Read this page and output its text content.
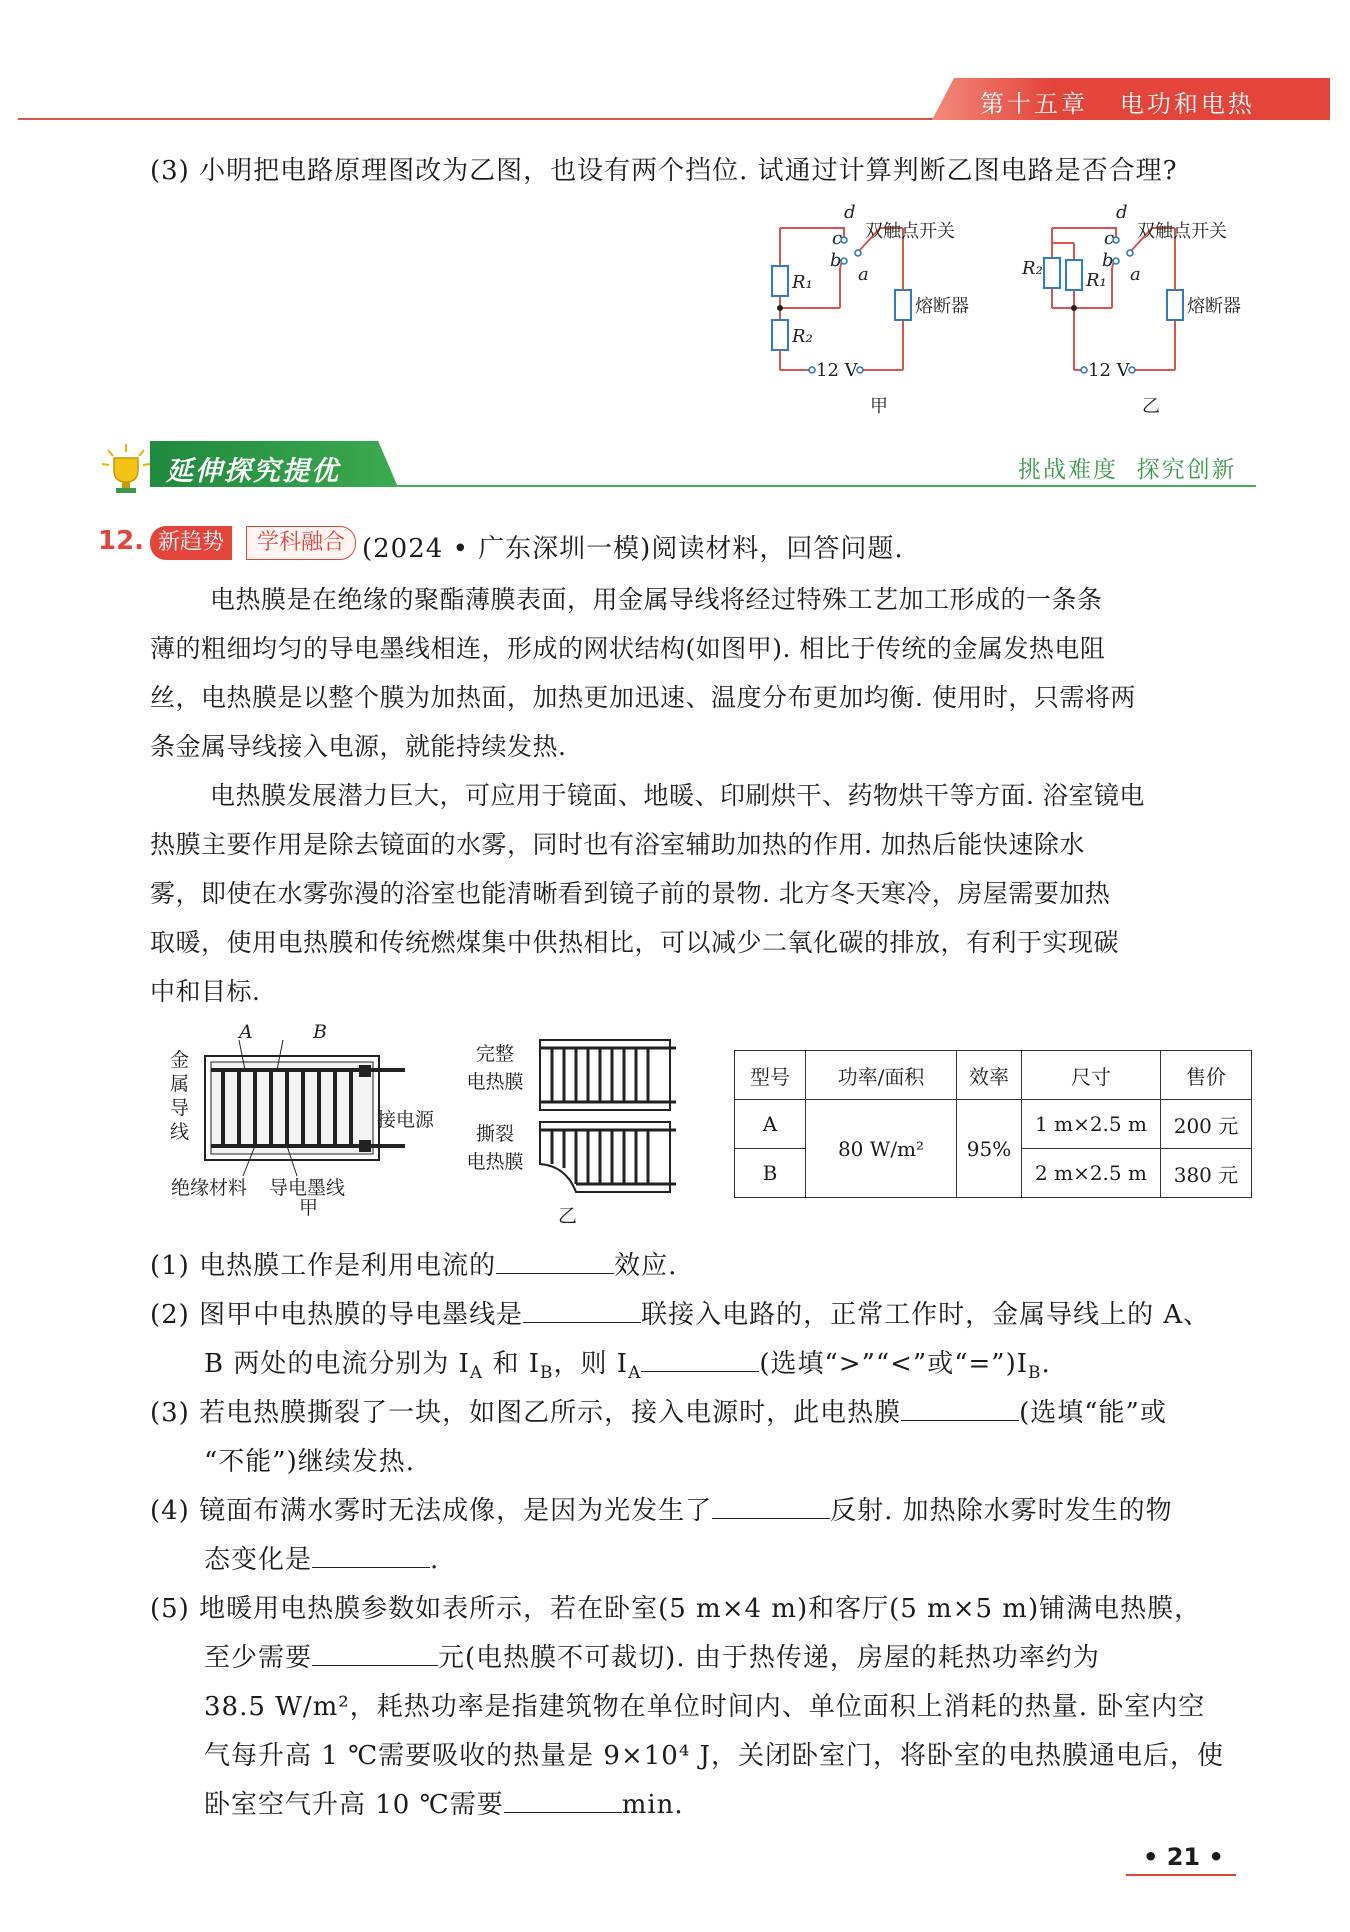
第十五章   电功和电热
(3) 小明把电路原理图改为乙图，也设有两个挡位. 试通过计算判断乙图电路是否合理?
d
c
b
a
双触点开关
熔断器
R₁
R₂
12 V
甲
d
c
b
a
双触点开关
熔断器
R₂
R₁
12 V
乙
延伸探究提优	挑战难度  探究创新
12. 新趋势	学科融合 (2024 • 广东深圳一模)阅读材料，回答问题.
电热膜是在绝缘的聚酯薄膜表面，用金属导线将经过特殊工艺加工形成的一条条
薄的粗细均匀的导电墨线相连，形成的网状结构(如图甲). 相比于传统的金属发热电阻
丝，电热膜是以整个膜为加热面，加热更加迅速、温度分布更加均衡. 使用时，只需将两
条金属导线接入电源，就能持续发热.
电热膜发展潜力巨大，可应用于镜面、地暖、印刷烘干、药物烘干等方面. 浴室镜电
热膜主要作用是除去镜面的水雾，同时也有浴室辅助加热的作用. 加热后能快速除水
雾，即使在水雾弥漫的浴室也能清晰看到镜子前的景物. 北方冬天寒冷，房屋需要加热
取暖，使用电热膜和传统燃煤集中供热相比，可以减少二氧化碳的排放，有利于实现碳
中和目标.
A	B
接电源
绝缘材料 导电墨线
甲
金属导线
完整
电热膜
撕裂
电热膜
乙
型号	功率/面积	效率	尺寸	售价
A	80 W/m²	95%	1 m×2.5 m	200 元
B			2 m×2.5 m	380 元
(1) 电热膜工作是利用电流的	效应.
(2) 图甲中电热膜的导电墨线是	联接入电路的，正常工作时，金属导线上的 A、
B 两处的电流分别为 $I_A$ 和 $I_B$，则 $I_A$	(选填“>”“<”或“$=”)I_B$.
(3) 若电热膜撕裂了一块，如图乙所示，接入电源时，此电热膜	(选填“能”或
“不能”)继续发热.
(4) 镜面布满水雾时无法成像，是因为光发生了	反射. 加热除水雾时发生的物
态变化是	.
(5) 地暖用电热膜参数如表所示，若在卧室(5 m×4 m)和客厅(5 m×5 m)铺满电热膜，
至少需要	元(电热膜不可裁切). 由于热传递，房屋的耗热功率约为
38.5 W/m²，耗热功率是指建筑物在单位时间内、单位面积上消耗的热量. 卧室内空
气每升高 1 ℃需要吸收的热量是 9×10⁴ J，关闭卧室门，将卧室的电热膜通电后，使
卧室空气升高 10 ℃需要	min.
• 21 •
